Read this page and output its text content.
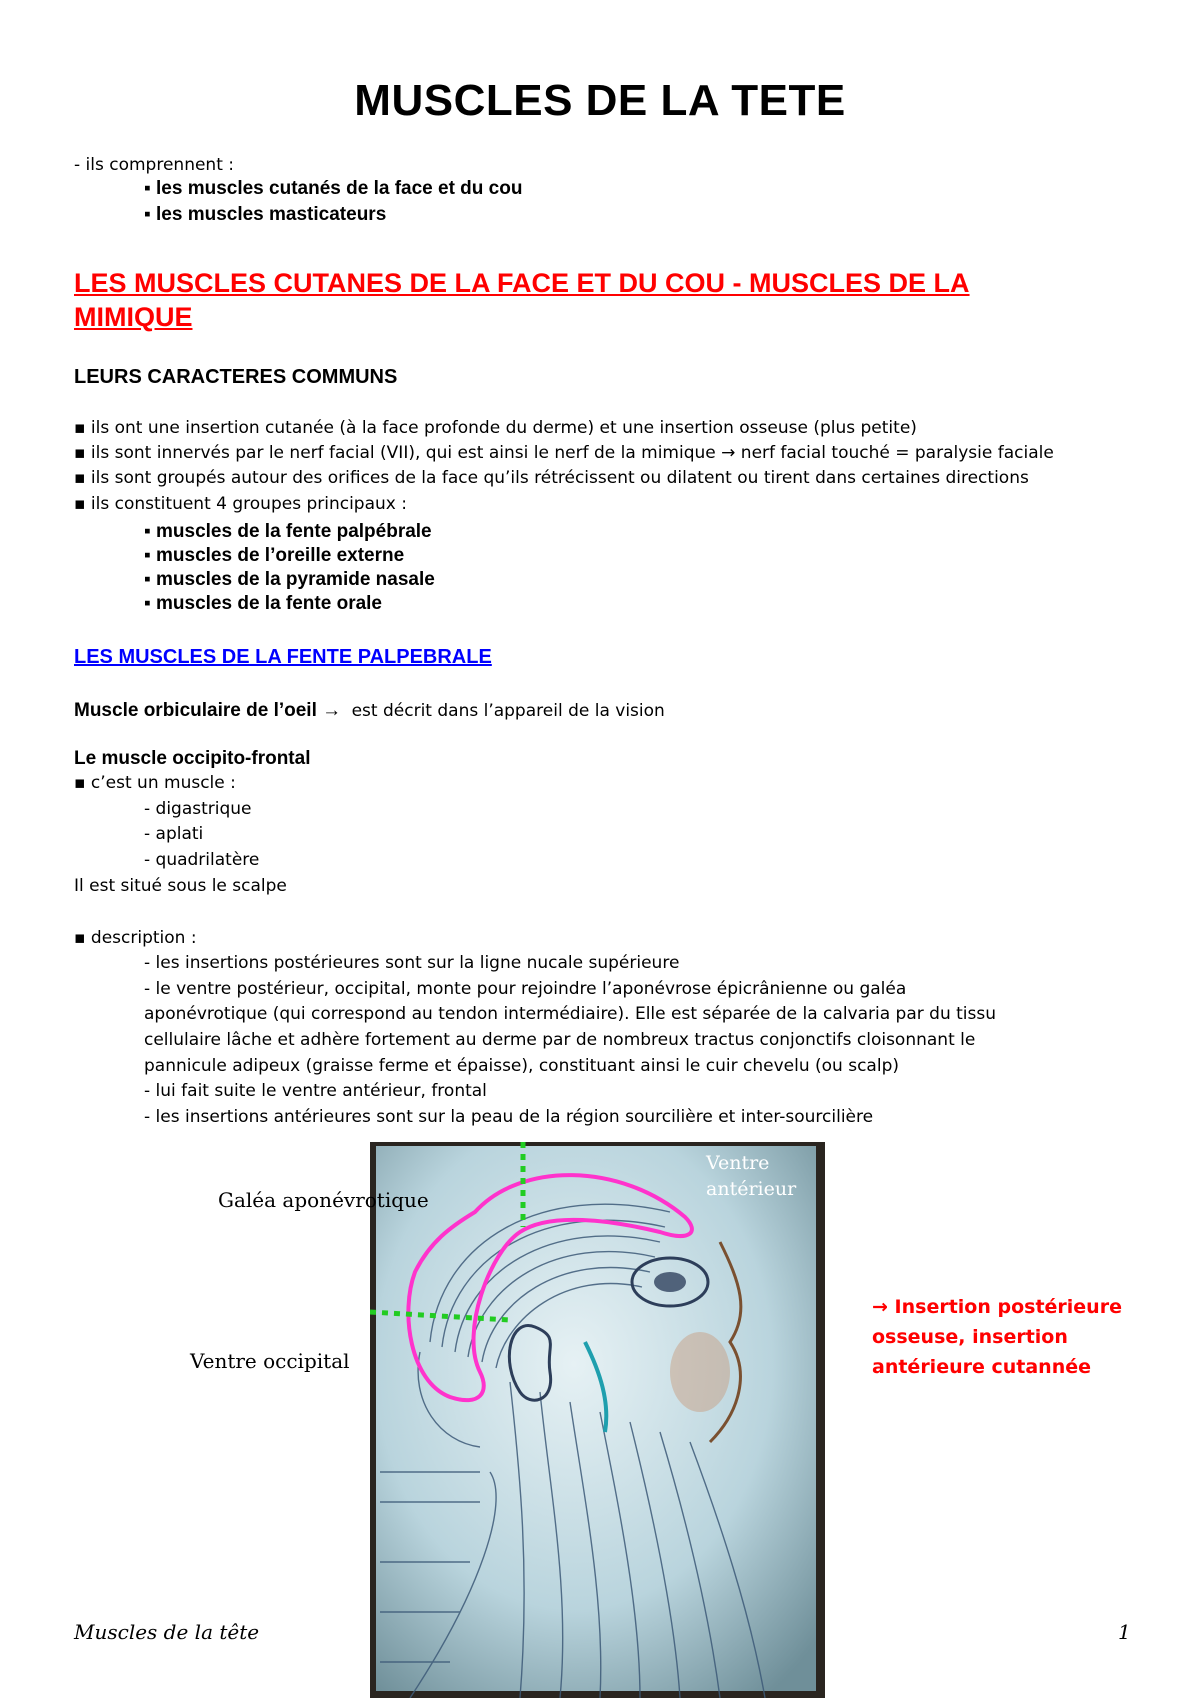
MUSCLES DE LA TETE
- ils comprennent :
▪ les muscles cutanés de la face et du cou
▪ les muscles masticateurs
LES MUSCLES CUTANES DE LA FACE ET DU COU - MUSCLES DE LA
MIMIQUE
LEURS CARACTERES COMMUNS
▪ ils ont une insertion cutanée (à la face profonde du derme) et une insertion osseuse (plus petite)
▪ ils sont innervés par le nerf facial (VII), qui est ainsi le nerf de la mimique → nerf facial touché = paralysie faciale
▪ ils sont groupés autour des orifices de la face qu’ils rétrécissent ou dilatent ou tirent dans certaines directions
▪ ils constituent 4 groupes principaux :
▪ muscles de la fente palpébrale
▪ muscles de l’oreille externe
▪ muscles de la pyramide nasale
▪ muscles de la fente orale
LES MUSCLES DE LA FENTE PALPEBRALE
Muscle orbiculaire de l’oeil → est décrit dans l’appareil de la vision
Le muscle occipito-frontal
▪ c’est un muscle :
- digastrique
- aplati
- quadrilatère
Il est situé sous le scalpe
▪ description :
- les insertions postérieures sont sur la ligne nucale supérieure
- le ventre postérieur, occipital, monte pour rejoindre l’aponévrose épicrânienne ou galéa
aponévrotique (qui correspond au tendon intermédiaire). Elle est séparée de la calvaria par du tissu
cellulaire lâche et adhère fortement au derme par de nombreux tractus conjonctifs cloisonnant le
pannicule adipeux (graisse ferme et épaisse), constituant ainsi le cuir chevelu (ou scalp)
- lui fait suite le ventre antérieur, frontal
- les insertions antérieures sont sur la peau de la région sourcilière et inter-sourcilière
Galéa aponévrotique
Ventre occipital
Ventre
antérieur
→ Insertion postérieure
osseuse, insertion
antérieure cutannée
Muscles de la tête	1
